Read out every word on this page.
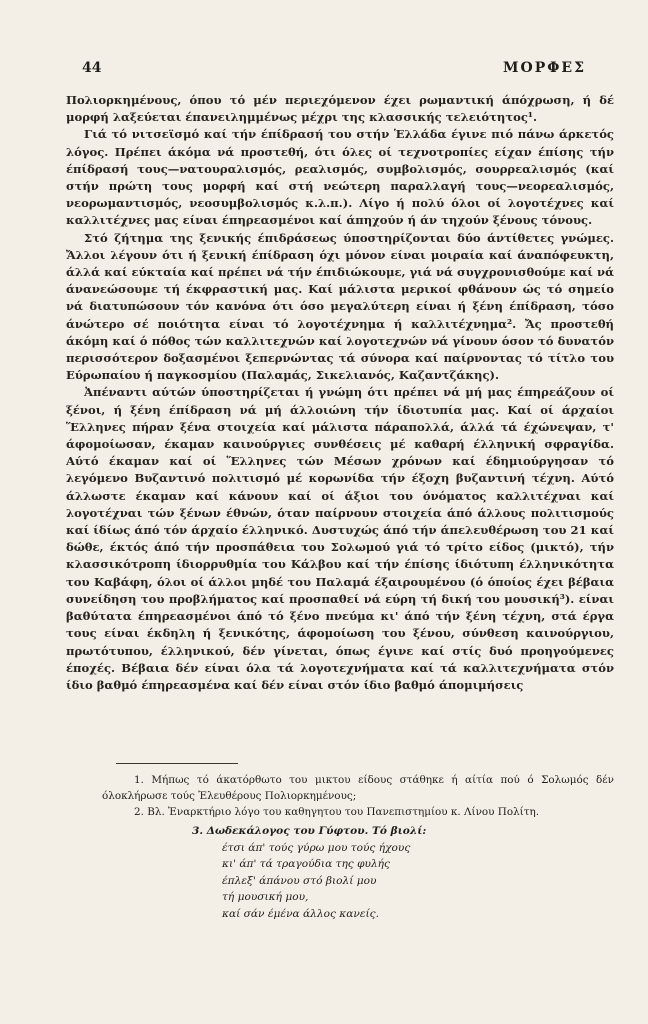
44	ΜΟΡΦΕΣ

Πολιορκημένους, όπου τό μέν περιεχόμενον έχει ρωμαντική άπόχρωση, ή δέ μορφή λαξεύεται έπανειλημμένως μέχρι της κλασσικής τελειότητος¹.

Γιά τό νιτσεϊσμό καί τήν έπίδρασή του στήν Ἑλλάδα έγινε πιό πάνω άρκετός λόγος. Πρέπει άκόμα νά προστεθή, ότι όλες οί τεχνοτροπίες είχαν έπίσης τήν έπίδρασή τους—νατουραλισμός, ρεαλισμός, συμβολισμός, σουρρεαλισμός (καί στήν πρώτη τους μορφή καί στή νεώτερη παραλλαγή τους—νεορεαλισμός, νεορωμαντισμός, νεοσυμβολισμός κ.λ.π.). Λίγο ή πολύ όλοι οί λογοτέχνες καί καλλιτέχνες μας είναι έπηρεασμένοι καί άπηχούν ή άν τηχούν ξένους τόνους.

Στό ζήτημα της ξενικής έπιδράσεως ύποστηρίζονται δύο άντίθετες γνώμες. Ἄλλοι λέγουν ότι ή ξενική έπίδραση όχι μόνον είναι μοιραία καί άναπόφευκτη, άλλά καί εύκταία καί πρέπει νά τήν έπιδιώκουμε, γιά νά συγχρονισθούμε καί νά άνανεώσουμε τή έκφραστική μας. Καί μάλιστα μερικοί φθάνουν ώς τό σημείο νά διατυπώσουν τόν κανόνα ότι όσο μεγαλύτερη είναι ή ξένη έπίδραση, τόσο άνώτερο σέ ποιότητα είναι τό λογοτέχνημα ή καλλιτέχνημα². Ἄς προστεθή άκόμη καί ό πόθος τών καλλιτεχνών καί λογοτεχνών νά γίνουν όσον τό δυνατόν περισσότερον δοξασμένοι ξεπερνώντας τά σύνορα καί παίρνοντας τό τίτλο του Εύρωπαίου ή παγκοσμίου (Παλαμάς, Σικελιανός, Καζαντζάκης).

Ἀπέναντι αύτών ύποστηρίζεται ή γνώμη ότι πρέπει νά μή μας έπηρεάζουν οί ξένοι, ή ξένη έπίδραση νά μή άλλοιώνη τήν ίδιοτυπία μας. Καί οί άρχαίοι Ἕλληνες πήραν ξένα στοιχεία καί μάλιστα πάραπολλά, άλλά τά έχώνεψαν, τ' άφομοίωσαν, έκαμαν καινούργιες συνθέσεις μέ καθαρή έλληνική σφραγίδα. Αύτό έκαμαν καί οί Ἕλληνες τών Μέσων χρόνων καί έδημιούργησαν τό λεγόμενο Βυζαντινό πολιτισμό μέ κορωνίδα τήν έξοχη βυζαντινή τέχνη. Αύτό άλλωστε έκαμαν καί κάνουν καί οί άξιοι του όνόματος καλλιτέχναι καί λογοτέχναι τών ξένων έθνών, όταν παίρνουν στοιχεία άπό άλλους πολιτισμούς καί ίδίως άπό τόν άρχαίο έλληνικό. Δυστυχώς άπό τήν άπελευθέρωση του 21 καί δώθε, έκτός άπό τήν προσπάθεια του Σολωμού γιά τό τρίτο είδος (μικτό), τήν κλασσικότροπη ίδιορρυθμία του Κάλβου καί τήν έπίσης ίδιότυπη έλληνικότητα του Καβάφη, όλοι οί άλλοι μηδέ του Παλαμά έξαιρουμένου (ό όποίος έχει βέβαια συνείδηση του προβλήματος καί προσπαθεί νά εύρη τή δική του μουσική³). είναι βαθύτατα έπηρεασμένοι άπό τό ξένο πνεύμα κι' άπό τήν ξένη τέχνη, στά έργα τους είναι έκδηλη ή ξενικότης, άφομοίωση του ξένου, σύνθεση καινούργιου, πρωτότυπου, έλληνικού, δέν γίνεται, όπως έγινε καί στίς δυό προηγούμενες έποχές. Βέβαια δέν είναι όλα τά λογοτεχνήματα καί τά καλλιτεχνήματα στόν ίδιο βαθμό έπηρεασμένα καί δέν είναι στόν ίδιο βαθμό άπομιμήσεις

1. Μήπως τό άκατόρθωτο του μικτου είδους στάθηκε ή αίτία πού ό Σολωμός δέν όλοκλήρωσε τούς Ἐλευθέρους Πολιορκημένους;

2. Βλ. Ἐναρκτήριο λόγο του καθηγητου του Πανεπιστημίου κ. Λίνου Πολίτη.

3. Δωδεκάλογος του Γύφτου. Τό βιολί:
έτσι άπ' τούς γύρω μου τούς ήχους
κι' άπ' τά τραγούδια της φυλής
έπλεξ' άπάνου στό βιολί μου
τή μουσική μου,
καί σάν έμένα άλλος κανείς.
